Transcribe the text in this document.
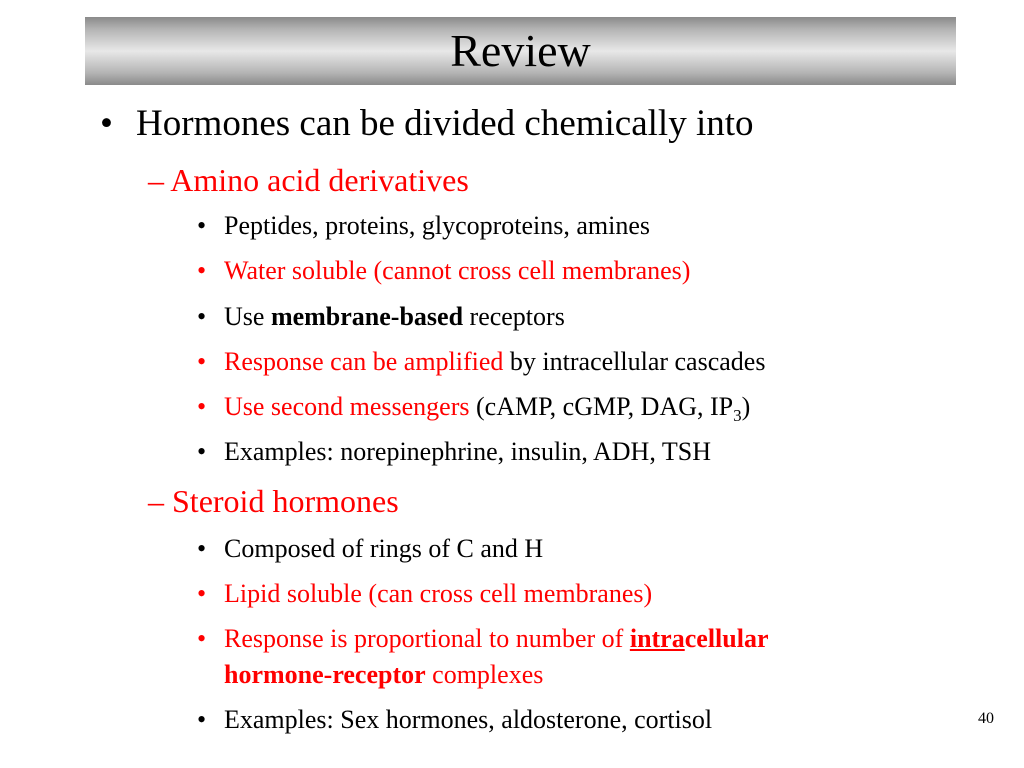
Review
• Hormones can be divided chemically into
– Amino acid derivatives
• Peptides, proteins, glycoproteins, amines
• Water soluble (cannot cross cell membranes)
• Use membrane-based receptors
• Response can be amplified by intracellular cascades
• Use second messengers (cAMP, cGMP, DAG, $IP_3$)
• Examples: norepinephrine, insulin, ADH, TSH
– Steroid hormones
• Composed of rings of C and H
• Lipid soluble (can cross cell membranes)
• Response is proportional to number of intracellular
hormone-receptor complexes
• Examples: Sex hormones, aldosterone, cortisol	40
